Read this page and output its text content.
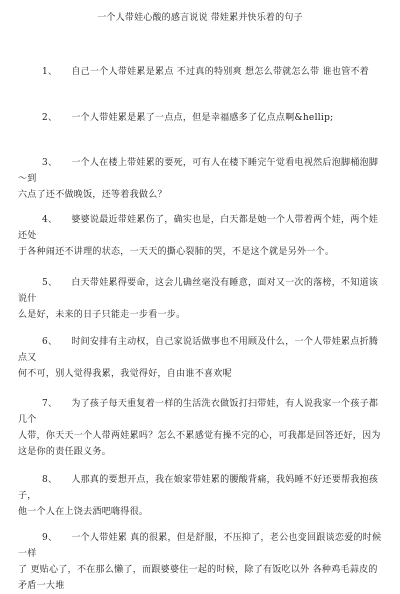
一个人带娃心酸的感言说说 带娃累并快乐着的句子

1、 自己一个人带娃累是累点 不过真的特别爽 想怎么带就怎么带 谁也管不着

2、 一个人带娃累是累了一点点，但是幸福感多了亿点点啊&hellip;

3、 一个人在楼上带娃累的要死，可有人在楼下睡完午觉看电视然后泡脚桶泡脚～到

六点了还不做晚饭，还等着我做么？

4、 婆婆说最近带娃累伤了，确实也是，白天都是她一个人带着两个娃，两个娃还处

于各种闹还不讲理的状态，一天天的撕心裂肺的哭，不是这个就是另外一个。

5、 白天带娃累得要命，这会儿确丝毫没有睡意，面对又一次的落榜，不知道该说什

么是好，未来的日子只能走一步看一步。

6、 时间安排有主动权，自己家说话做事也不用顾及什么，一个人带娃累点折腾点又

何不可，别人觉得我累，我觉得好，自由谁不喜欢呢

7、 为了孩子每天重复着一样的生活洗衣做饭打扫带娃，有人说我家一个孩子都几个

人带，你天天一个人带两娃累吗？怎么不累感觉有操不完的心，可我都是回答还好，因为

这是你的责任跟义务。

8、 人那真的要想开点，我在娘家带娃累的腰酸背痛，我妈睡不好还要帮我抱孩子，

他一个人在上饶去酒吧嗨得很。

9、 一个人带娃累 真的很累，但是舒服，不压抑了，老公也变回跟谈恋爱的时候一样

了 更贴心了，不在那么懒了，而跟婆婆住一起的时候，除了有饭吃以外 各种鸡毛蒜皮的

矛盾一大堆
